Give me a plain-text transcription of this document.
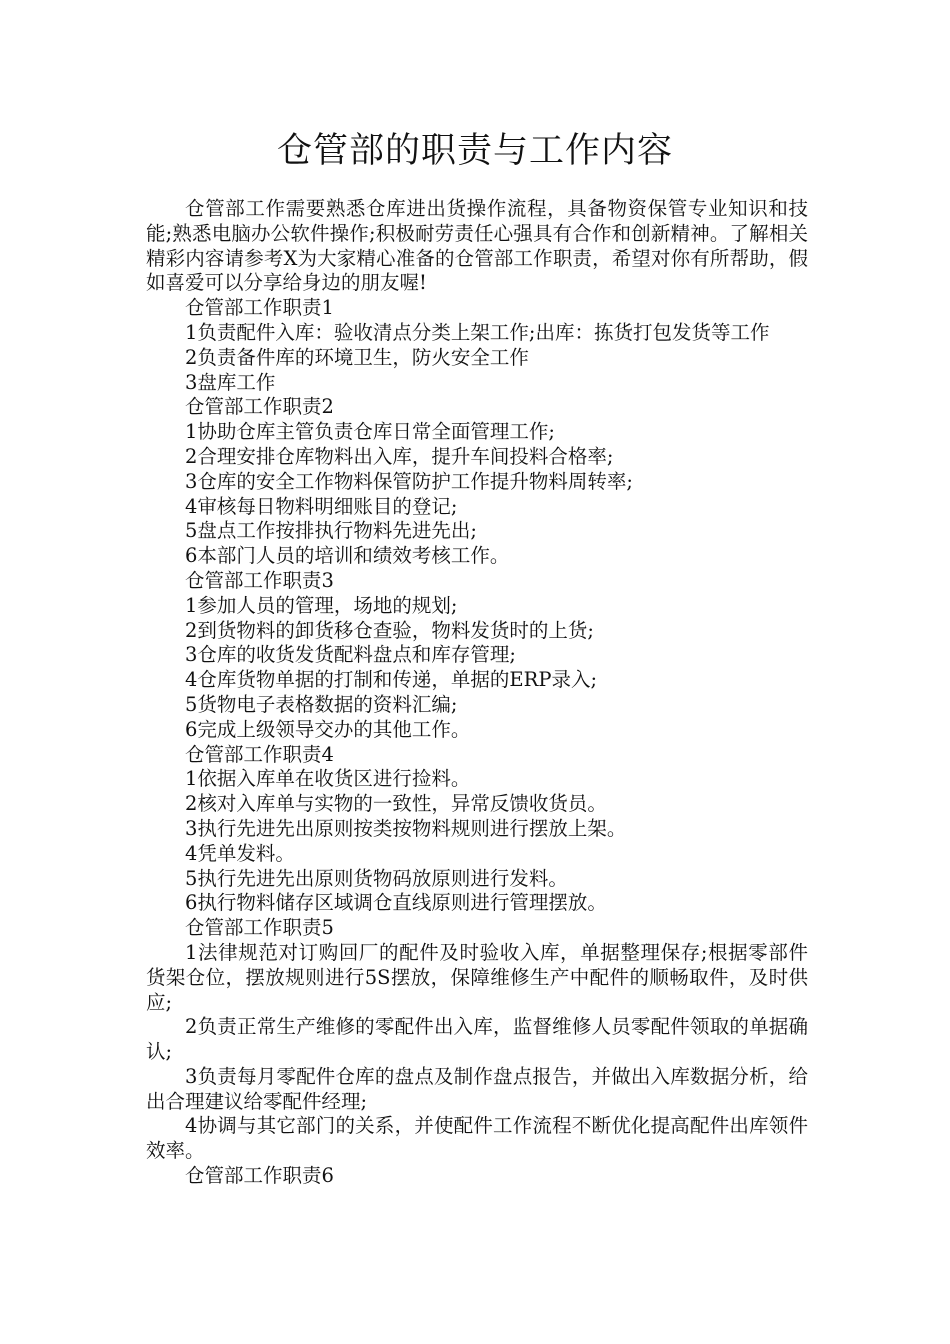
仓管部的职责与工作内容

仓管部工作需要熟悉仓库进出货操作流程，具备物资保管专业知识和技能;熟悉电脑办公软件操作;积极耐劳责任心强具有合作和创新精神。了解相关精彩内容请参考X为大家精心准备的仓管部工作职责，希望对你有所帮助，假如喜爱可以分享给身边的朋友喔!

仓管部工作职责1

1负责配件入库：验收清点分类上架工作;出库：拣货打包发货等工作

2负责备件库的环境卫生，防火安全工作

3盘库工作

仓管部工作职责2

1协助仓库主管负责仓库日常全面管理工作;

2合理安排仓库物料出入库，提升车间投料合格率;

3仓库的安全工作物料保管防护工作提升物料周转率;

4审核每日物料明细账目的登记;

5盘点工作按排执行物料先进先出;

6本部门人员的培训和绩效考核工作。

仓管部工作职责3

1参加人员的管理，场地的规划;

2到货物料的卸货移仓查验，物料发货时的上货;

3仓库的收货发货配料盘点和库存管理;

4仓库货物单据的打制和传递，单据的ERP录入;

5货物电子表格数据的资料汇编;

6完成上级领导交办的其他工作。

仓管部工作职责4

1依据入库单在收货区进行捡料。

2核对入库单与实物的一致性，异常反馈收货员。

3执行先进先出原则按类按物料规则进行摆放上架。

4凭单发料。

5执行先进先出原则货物码放原则进行发料。

6执行物料储存区域调仓直线原则进行管理摆放。

仓管部工作职责5

1法律规范对订购回厂的配件及时验收入库，单据整理保存;根据零部件货架仓位，摆放规则进行5S摆放，保障维修生产中配件的顺畅取件，及时供应;

2负责正常生产维修的零配件出入库，监督维修人员零配件领取的单据确认;

3负责每月零配件仓库的盘点及制作盘点报告，并做出入库数据分析，给出合理建议给零配件经理;

4协调与其它部门的关系，并使配件工作流程不断优化提高配件出库领件效率。

仓管部工作职责6
